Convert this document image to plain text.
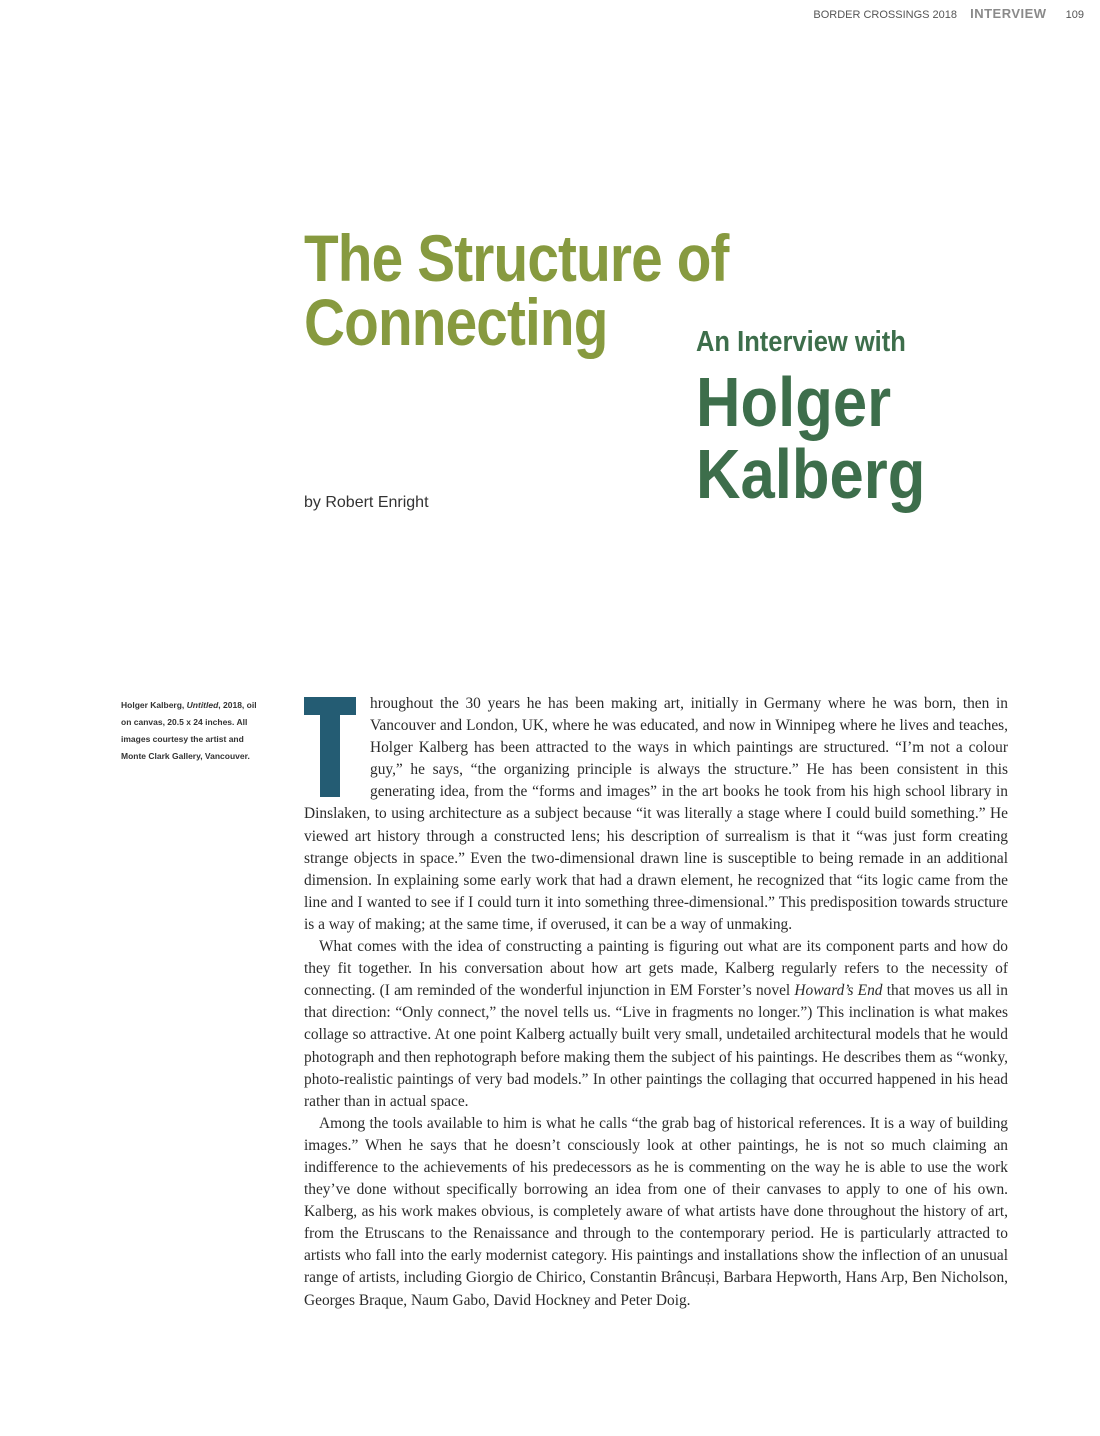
BORDER CROSSINGS 2018 INTERVIEW 109
The Structure of
Connecting	An Interview with
Holger
Kalberg
by Robert Enright
Holger Kalberg, Untitled, 2018, oil on canvas, 20.5 x 24 inches. All images courtesy the artist and Monte Clark Gallery, Vancouver.	T
hroughout the 30 years he has been making art, initially in Germany where he was born, then in Vancouver and London, UK, where he was educated, and now in Winnipeg where he lives and teaches, Holger Kalberg has been attracted to the ways in which paintings are structured. “I’m not a colour guy,” he says, “the organizing principle is always the structure.” He has been consistent in this generating idea, from the “forms and images” in the art books he took from his high school library in Dinslaken, to using architecture as a subject because “it was literally a stage where I could build something.” He viewed art history through a constructed lens; his description of surrealism is that it “was just form creating strange objects in space.” Even the two-dimensional drawn line is susceptible to being remade in an additional dimension. In explaining some early work that had a drawn element, he recognized that “its logic came from the line and I wanted to see if I could turn it into something three-dimensional.” This predisposition towards structure is a way of making; at the same time, if overused, it can be a way of unmaking.

What comes with the idea of constructing a painting is figuring out what are its component parts and how do they fit together. In his conversation about how art gets made, Kalberg regularly refers to the necessity of connecting. (I am reminded of the wonderful injunction in EM Forster’s novel Howard’s End that moves us all in that direction: “Only connect,” the novel tells us. “Live in fragments no longer.”) This inclination is what makes collage so attractive. At one point Kalberg actually built very small, undetailed architectural models that he would photograph and then rephotograph before making them the subject of his paintings. He describes them as “wonky, photo-realistic paintings of very bad models.” In other paintings the collaging that occurred happened in his head rather than in actual space.

Among the tools available to him is what he calls “the grab bag of historical references. It is a way of building images.” When he says that he doesn’t consciously look at other paintings, he is not so much claiming an indifference to the achievements of his predecessors as he is commenting on the way he is able to use the work they’ve done without specifically borrowing an idea from one of their canvases to apply to one of his own. Kalberg, as his work makes obvious, is completely aware of what artists have done throughout the history of art, from the Etruscans to the Renaissance and through to the contemporary period. He is particularly attracted to artists who fall into the early modernist category. His paintings and installations show the inflection of an unusual range of artists, including Giorgio de Chirico, Constantin Brâncuși, Barbara Hepworth, Hans Arp, Ben Nicholson, Georges Braque, Naum Gabo, David Hockney and Peter Doig.
